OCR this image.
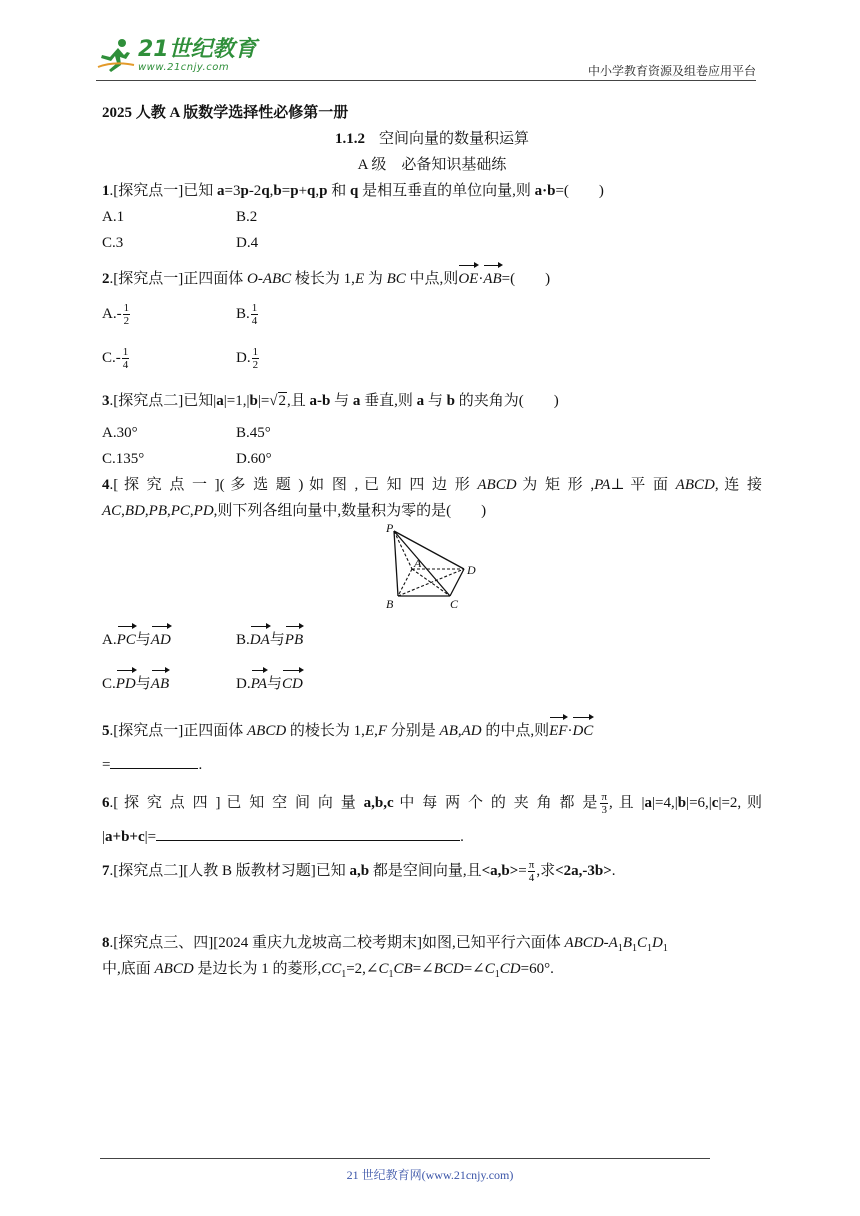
21世纪教育
www.21cnjy.com	中小学教育资源及组卷应用平台
2025 人教 A 版数学选择性必修第一册
1.1.2 空间向量的数量积运算
A 级　必备知识基础练
1.[探究点一]已知 a=3p-2q,b=p+q,p 和 q 是相互垂直的单位向量,则 a·b=(　　)
A.1	B.2
C.3	D.4
2.[探究点一]正四面体 O-ABC 棱长为 1,E 为 BC 中点,则OE·AB=(　　)
$A.- \frac{1}{2}$	B. $\frac{1}{4}$
$C.- \frac{1}{4}$	D. $\frac{1}{2}$
3.[探究点二]已知|a|=1,|b|=√2,且 a-b 与 a 垂直,则 a 与 b 的夹角为(　　)
A.30°	B.45°
C.135°	D.60°
4.[ 探 究 点 一 ]( 多 选 题 ) 如 图 , 已 知 四 边 形 ABCD 为 矩 形 ,PA⊥ 平 面 ABCD, 连 接
AC,BD,PB,PC,PD,则下列各组向量中,数量积为零的是(　　)
P
A	D
B	C
A.PC与AD	B.DA与PB
C.PD与AB	D.PA与CD
5.[探究点一]正四面体 ABCD 的棱长为 1,E,F 分别是 AB,AD 的中点,则EF·DC
=	.
6.[ 探 究 点 四 ] 已 知 空 间 向 量 a,b,c 中 每 两 个 的 夹 角 都 是 $\frac{\pi}{3}$ , 且 |a|=4,|b|=6,|c|=2, 则
|a+b+c|=	.
7.[探究点二][人教 B 版教材习题]已知 a,b 都是空间向量,且$<a,b>= \frac{\pi}{4}$ ,求<2a,-3b>.
8.[探究点三、四][2024 重庆九龙坡高二校考期末]如图,已知平行六面体 ABCD-$A_1B_1C_1D_1$
中,底面 ABCD 是边长为 1 的菱形$,CC_1=2,\angle C_1CB=\angle BCD=\angle C_1CD=60^\circ$.
21 世纪教育网(www.21cnjy.com)
